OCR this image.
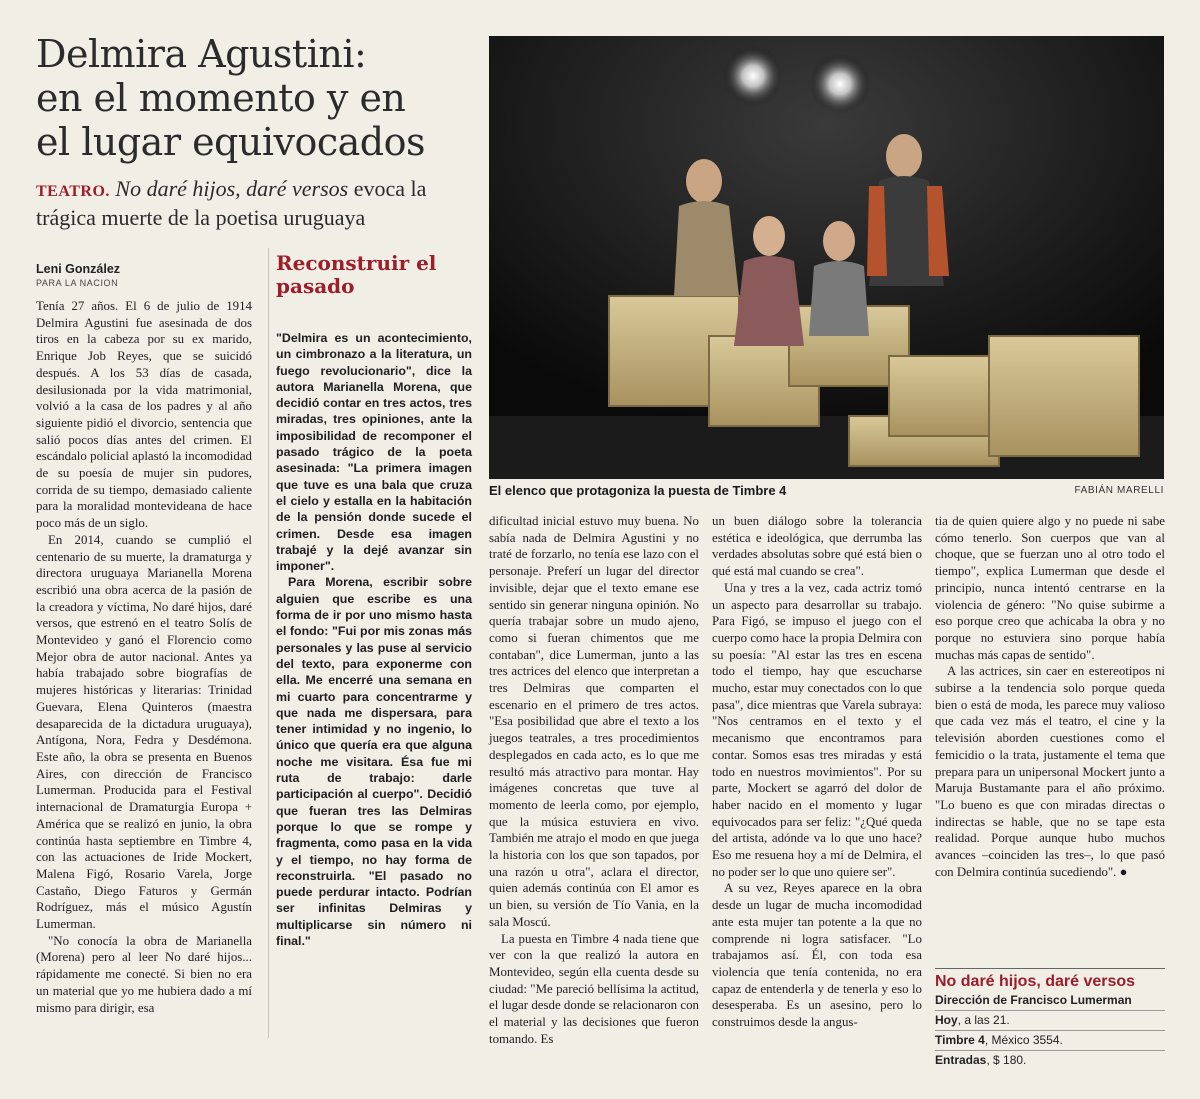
Delmira Agustini:
en el momento y en
el lugar equivocados
TEATRO. No daré hijos, daré versos evoca la trágica muerte de la poetisa uruguaya
El elenco que protagoniza la puesta de Timbre 4	FABIÁN MARELLI
Leni González
PARA LA NACION

Tenía 27 años. El 6 de julio de 1914 Delmira Agustini fue asesinada de dos tiros en la cabeza por su ex marido, Enrique Job Reyes, que se suicidó después. A los 53 días de casada, desilusionada por la vida matrimonial, volvió a la casa de los padres y al año siguiente pidió el divorcio, sentencia que salió pocos días antes del crimen. El escándalo policial aplastó la incomodidad de su poesía de mujer sin pudores, corrida de su tiempo, demasiado caliente para la moralidad montevideana de hace poco más de un siglo.

En 2014, cuando se cumplió el centenario de su muerte, la dramaturga y directora uruguaya Marianella Morena escribió una obra acerca de la pasión de la creadora y víctima, No daré hijos, daré versos, que estrenó en el teatro Solís de Montevideo y ganó el Florencio como Mejor obra de autor nacional. Antes ya había trabajado sobre biografías de mujeres históricas y literarias: Trinidad Guevara, Elena Quinteros (maestra desaparecida de la dictadura uruguaya), Antígona, Nora, Fedra y Desdémona. Este año, la obra se presenta en Buenos Aires, con dirección de Francisco Lumerman. Producida para el Festival internacional de Dramaturgia Europa + América que se realizó en junio, la obra continúa hasta septiembre en Timbre 4, con las actuaciones de Iride Mockert, Malena Figó, Rosario Varela, Jorge Castaño, Diego Faturos y Germán Rodríguez, más el músico Agustín Lumerman.

"No conocía la obra de Marianella (Morena) pero al leer No daré hijos... rápidamente me conecté. Si bien no era un material que yo me hubiera dado a mí mismo para dirigir, esa

Reconstruir el pasado

"Delmira es un acontecimiento, un cimbronazo a la literatura, un fuego revolucionario", dice la autora Marianella Morena, que decidió contar en tres actos, tres miradas, tres opiniones, ante la imposibilidad de recomponer el pasado trágico de la poeta asesinada: "La primera imagen que tuve es una bala que cruza el cielo y estalla en la habitación de la pensión donde sucede el crimen. Desde esa imagen trabajé y la dejé avanzar sin imponer".

Para Morena, escribir sobre alguien que escribe es una forma de ir por uno mismo hasta el fondo: "Fui por mis zonas más personales y las puse al servicio del texto, para exponerme con ella. Me encerré una semana en mi cuarto para concentrarme y que nada me dispersara, para tener intimidad y no ingenio, lo único que quería era que alguna noche me visitara. Ésa fue mi ruta de trabajo: darle participación al cuerpo". Decidió que fueran tres las Delmiras porque lo que se rompe y fragmenta, como pasa en la vida y el tiempo, no hay forma de reconstruirla. "El pasado no puede perdurar intacto. Podrían ser infinitas Delmiras y multiplicarse sin número ni final."

dificultad inicial estuvo muy buena. No sabía nada de Delmira Agustini y no traté de forzarlo, no tenía ese lazo con el personaje. Preferí un lugar del director invisible, dejar que el texto emane ese sentido sin generar ninguna opinión. No quería trabajar sobre un mudo ajeno, como si fueran chimentos que me contaban", dice Lumerman, junto a las tres actrices del elenco que interpretan a tres Delmiras que comparten el escenario en el primero de tres actos. "Esa posibilidad que abre el texto a los juegos teatrales, a tres procedimientos desplegados en cada acto, es lo que me resultó más atractivo para montar. Hay imágenes concretas que tuve al momento de leerla como, por ejemplo, que la música estuviera en vivo. También me atrajo el modo en que juega la historia con los que son tapados, por una razón u otra", aclara el director, quien además continúa con El amor es un bien, su versión de Tío Vania, en la sala Moscú.

La puesta en Timbre 4 nada tiene que ver con la que realizó la autora en Montevideo, según ella cuenta desde su ciudad: "Me pareció bellísima la actitud, el lugar desde donde se relacionaron con el material y las decisiones que fueron tomando. Es

un buen diálogo sobre la tolerancia estética e ideológica, que derrumba las verdades absolutas sobre qué está bien o qué está mal cuando se crea".

Una y tres a la vez, cada actriz tomó un aspecto para desarrollar su trabajo. Para Figó, se impuso el juego con el cuerpo como hace la propia Delmira con su poesía: "Al estar las tres en escena todo el tiempo, hay que escucharse mucho, estar muy conectados con lo que pasa", dice mientras que Varela subraya: "Nos centramos en el texto y el mecanismo que encontramos para contar. Somos esas tres miradas y está todo en nuestros movimientos". Por su parte, Mockert se agarró del dolor de haber nacido en el momento y lugar equivocados para ser feliz: "¿Qué queda del artista, adónde va lo que uno hace? Eso me resuena hoy a mí de Delmira, el no poder ser lo que uno quiere ser".

A su vez, Reyes aparece en la obra desde un lugar de mucha incomodidad ante esta mujer tan potente a la que no comprende ni logra satisfacer. "Lo trabajamos así. Él, con toda esa violencia que tenía contenida, no era capaz de entenderla y de tenerla y eso lo desesperaba. Es un asesino, pero lo construimos desde la angus-

tia de quien quiere algo y no puede ni sabe cómo tenerlo. Son cuerpos que van al choque, que se fuerzan uno al otro todo el tiempo", explica Lumerman que desde el principio, nunca intentó centrarse en la violencia de género: "No quise subirme a eso porque creo que achicaba la obra y no porque no estuviera sino porque había muchas más capas de sentido".

A las actrices, sin caer en estereotipos ni subirse a la tendencia solo porque queda bien o está de moda, les parece muy valioso que cada vez más el teatro, el cine y la televisión aborden cuestiones como el femicidio o la trata, justamente el tema que prepara para un unipersonal Mockert junto a Maruja Bustamante para el año próximo. "Lo bueno es que con miradas directas o indirectas se hable, que no se tape esta realidad. Porque aunque hubo muchos avances –coinciden las tres–, lo que pasó con Delmira continúa sucediendo". ●

No daré hijos, daré versos
Dirección de Francisco Lumerman
Hoy, a las 21.
Timbre 4, México 3554.
Entradas, $ 180.
